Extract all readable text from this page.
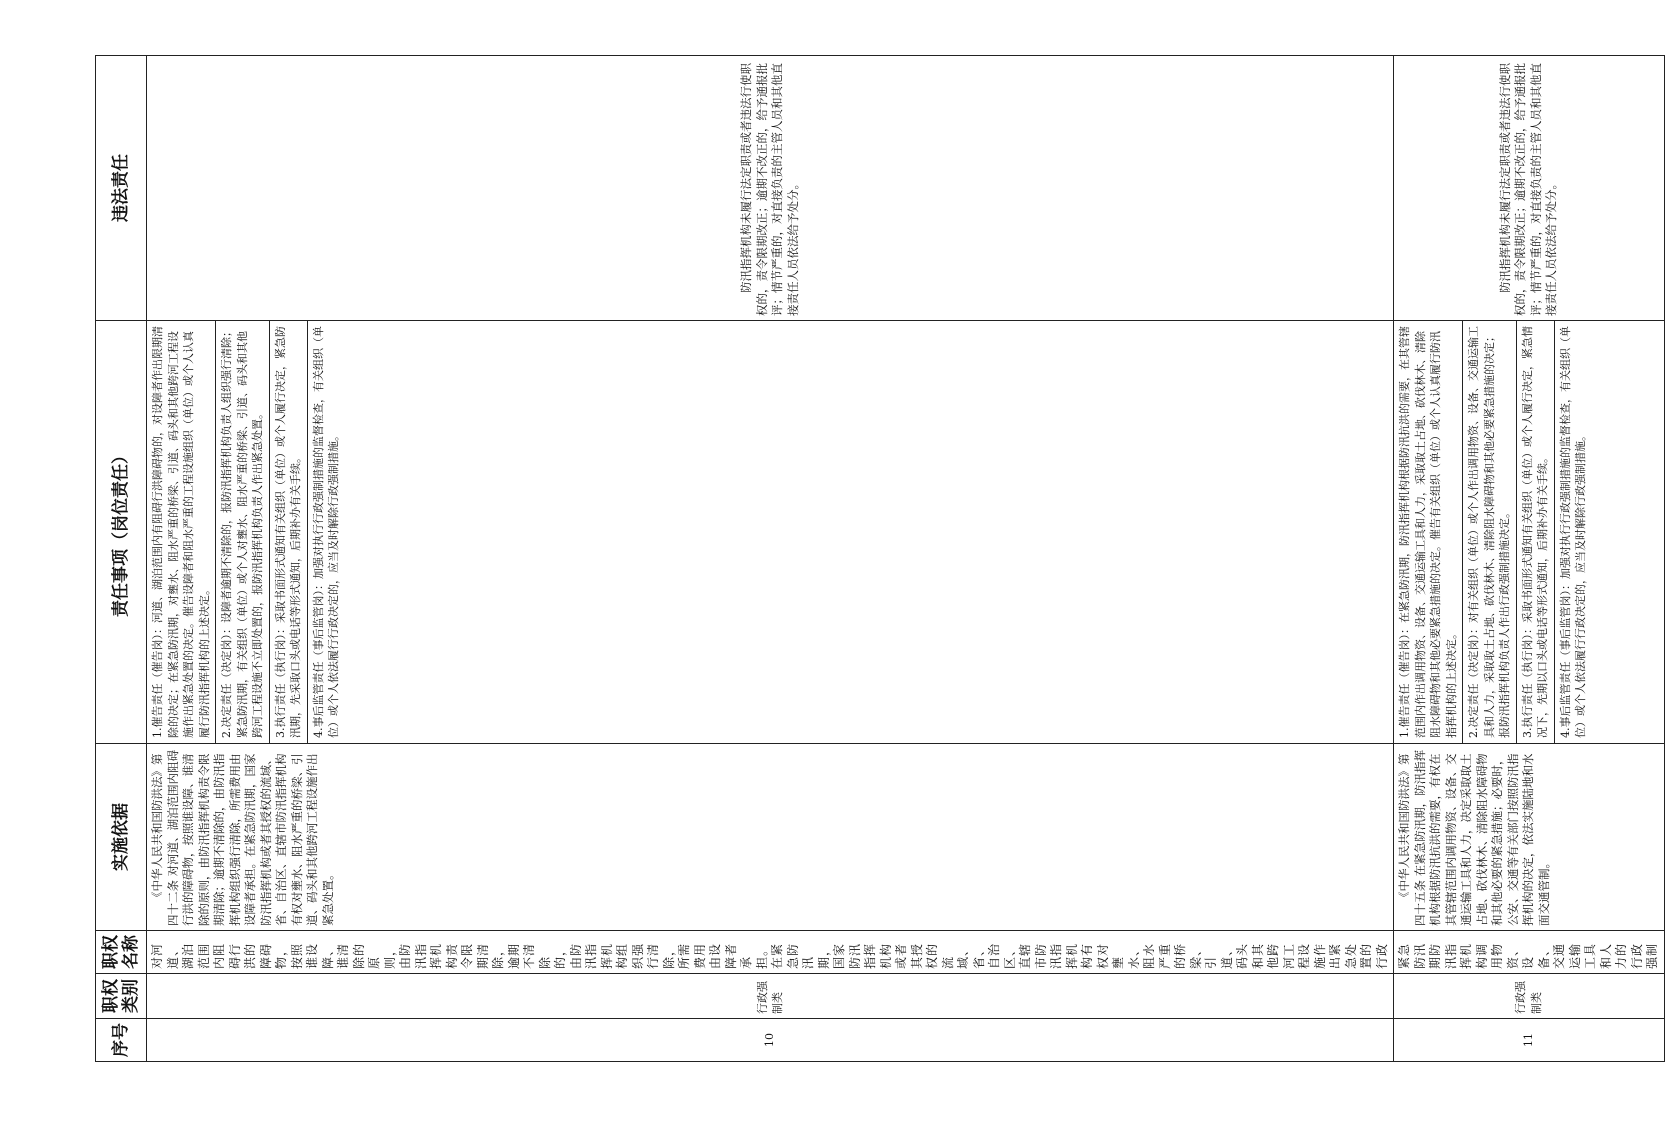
序号	职权类别	职权名称	实施依据	责任事项（岗位责任）	违法责任
10	行政强制类	对河道、湖泊范围内阻碍行洪的障碍物，按照谁设障、谁清除的原则，由防汛指挥机构责令限期清除，逾期不清除的，由防汛指挥机构组织强行清除，所需费用由设障者承担。在紧急防汛期，国家防汛指挥机构或者其授权的流域、省、自治区、直辖市防汛指挥机构有权对壅水、阻水严重的桥梁、引道、码头和其他跨河工程设施作出紧急处置的行政	《中华人民共和国防洪法》第四十二条 对河道、湖泊范围内阻碍行洪的障碍物，按照谁设障、谁清除的原则，由防汛指挥机构责令限期清除；逾期不清除的，由防汛指挥机构组织强行清除，所需费用由设障者承担。在紧急防汛期，国家防汛指挥机构或者其授权的流域、省、自治区、直辖市防汛指挥机构有权对壅水、阻水严重的桥梁、引道、码头和其他跨河工程设施作出紧急处置。	1.催告责任（催告岗）：河道、湖泊范围内有阻碍行洪障碍物的，对设障者作出限期清除的决定；在紧急防汛期，对壅水、阻水严重的桥梁、引道、码头和其他跨河工程设施作出紧急处置的决定。催告设障者和阻水严重的工程设施组织（单位）或个人认真履行防汛指挥机构的上述决定。 2.决定责任（决定岗）：设障者逾期不清除的，报防汛指挥机构负责人组织强行清除；紧急防汛期，有关组织（单位）或个人对壅水、阻水严重的桥梁、引道、码头和其他跨河工程设施不立即处置的，报防汛指挥机构负责人作出紧急处置。 3.执行责任（执行岗）：采取书面形式通知有关组织（单位）或个人履行决定，紧急防汛期，先采取口头或电话等形式通知，后期补办有关手续。 4.事后监管责任（事后监管岗）：加强对执行行政强制措施的监督检查，有关组织（单位）或个人依法履行行政决定的，应当及时解除行政强制措施。	防汛指挥机构未履行法定职责或者违法行使职权的，责令限期改正；逾期不改正的，给予通报批评；情节严重的，对直接负责的主管人员和其他直接责任人员依法给予处分。
11	行政强制类	紧急防汛期防汛指挥机构调用物资、设备、交通运输工具和人力的行政强制	《中华人民共和国防洪法》第四十五条 在紧急防汛期，防汛指挥机构根据防汛抗洪的需要，有权在其管辖范围内调用物资、设备、交通运输工具和人力，决定采取取土占地、砍伐林木、清除阻水障碍物和其他必要的紧急措施；必要时，公安、交通等有关部门按照防汛指挥机构的决定，依法实施陆地和水面交通管制。	1.催告责任（催告岗）：在紧急防汛期，防汛指挥机构根据防汛抗洪的需要，在其管辖范围内作出调用物资、设备、交通运输工具和人力，采取取土占地、砍伐林木、清除阻水障碍物和其他必要紧急措施的决定。催告有关组织（单位）或个人认真履行防汛指挥机构的上述决定。 2.决定责任（决定岗）：对有关组织（单位）或个人作出调用物资、设备、交通运输工具和人力，采取取土占地、砍伐林木、清除阻水障碍物和其他必要紧急措施的决定；报防汛指挥机构负责人作出行政强制措施决定。 3.执行责任（执行岗）：采取书面形式通知有关组织（单位）或个人履行决定，紧急情况下，先期以口头或电话等形式通知，后期补办有关手续。 4.事后监管责任（事后监管岗）：加强对执行行政强制措施的监督检查，有关组织（单位）或个人依法履行行政决定的，应当及时解除行政强制措施。	防汛指挥机构未履行法定职责或者违法行使职权的，责令限期改正；逾期不改正的，给予通报批评；情节严重的，对直接负责的主管人员和其他直接责任人员依法给予处分。
